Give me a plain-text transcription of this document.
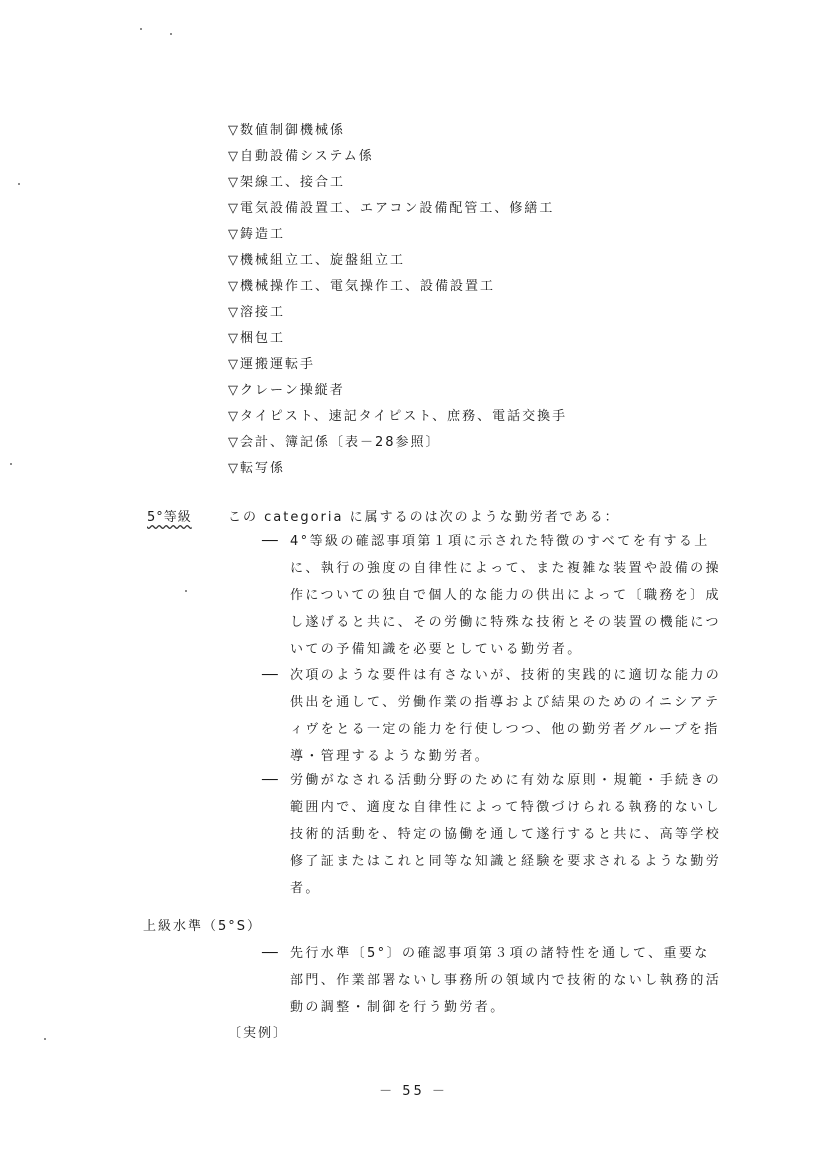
▽数値制御機械係
▽自動設備システム係
▽架線工、接合工
▽電気設備設置工、エアコン設備配管工、修繕工
▽鋳造工
▽機械組立工、旋盤組立工
▽機械操作工、電気操作工、設備設置工
▽溶接工
▽梱包工
▽運搬運転手
▽クレーン操縦者
▽タイピスト、速記タイピスト、庶務、電話交換手
▽会計、簿記係〔表－28参照〕
▽転写係
5°等級	この categoria に属するのは次のような勤労者である：
── 4°等級の確認事項第１項に示された特徴のすべてを有する上に、執行の強度の自律性によって、また複雑な装置や設備の操作についての独自で個人的な能力の供出によって〔職務を〕成し遂げると共に、その労働に特殊な技術とその装置の機能についての予備知識を必要としている勤労者。
── 次項のような要件は有さないが、技術的実践的に適切な能力の供出を通して、労働作業の指導および結果のためのイニシアティヴをとる一定の能力を行使しつつ、他の勤労者グループを指導・管理するような勤労者。
── 労働がなされる活動分野のために有効な原則・規範・手続きの範囲内で、適度な自律性によって特徴づけられる執務的ないし技術的活動を、特定の協働を通して遂行すると共に、高等学校修了証またはこれと同等な知識と経験を要求されるような勤労者。
上級水準（5°S）
── 先行水準〔5°〕の確認事項第３項の諸特性を通して、重要な部門、作業部署ないし事務所の領域内で技術的ないし執務的活動の調整・制御を行う勤労者。
〔実例〕
－ 55 －
